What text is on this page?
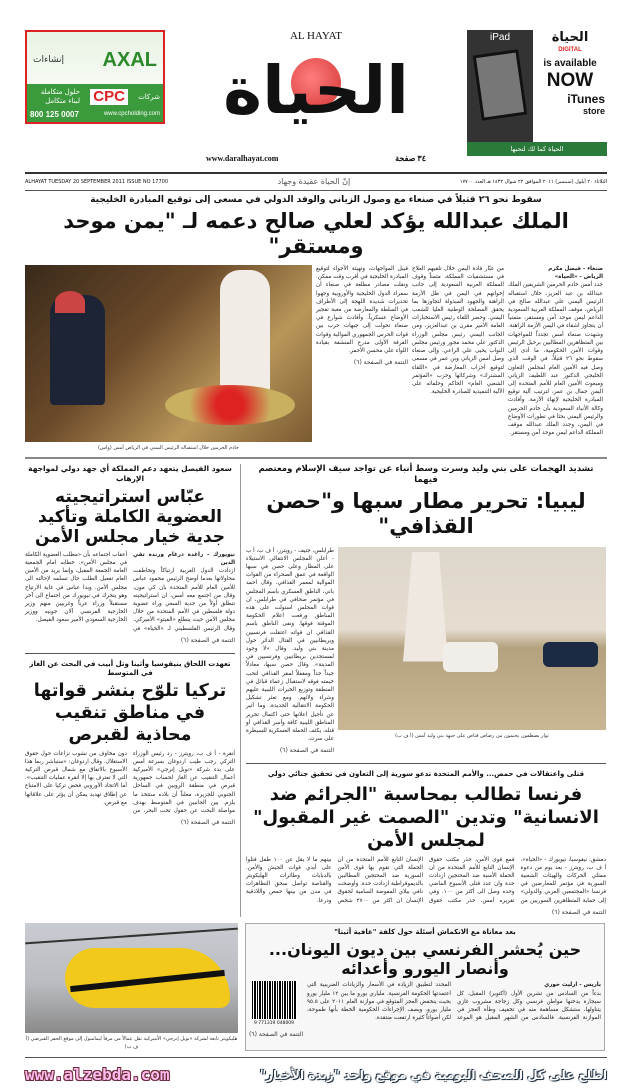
إنشاءات AXAL
حلول متكاملة لبناء متكامل CPC	شركات
800 125 0007	www.cpcholding.com
AL HAYAT
الحياة
www.daralhayat.com	٣٤ صفحة
iPad	الحياة
DIGITAL
is available
NOW
iTunes
store
الحياة كما لك لتحبها
ALHAYAT TUESDAY 20 SEPTEMBER 2011 ISSUE NO 17700	إنّ الحياة عقيدة وجهاد	الثلاثاء ٢٠ أيلول (سبتمبر) ٢٠١١ الموافق ٢٢ شوال ١٤٣٢ هـ العدد ١٧٧٠٠
سقوط نحو ٢٦ قتيلاً في صنعاء مع وصول الزياني والوفد الدولي في مسعى إلى توقيع المبادرة الخليجية
الملك عبدالله يؤكد لعلي صالح دعمه لـ "يمن موحد ومستقر"
خادم الحرمين خلال استقباله الرئيس اليمني في الرياض أمس (واس)
قبيل المواجهات، وتهيئة الأجواء لتوقيع المبادرة الخليجية في أقرب وقت ممكن. ونقلت مصادر مطلعة في صنعاء أن سفراء الدول الخليجية والأوروبية وجهوا تحذيرات شديدة اللهجة إلى الأطراف في السلطة والمعارضة من مغبة تفجير الأوضاع عسكرياً. وأفادت شوارع في صنعاء تحولت إلى جبهات حرب بين قوات الحرس الجمهوري الموالية وقوات الفرقة الأولى مدرع المنشقة بقيادة اللواء علي محسن الأحمر.
التتمة في الصفحة (٦)
من عبّار قادة اليمن خلال تلقيهم العلاج في مستشفيات المملكة، مثمناً وقوف المملكة العربية السعودية إلى جانب إخوانهم في اليمن في ظل الأزمة الراهنة والجهود المبذولة لتجاوزها بما يحقق المصلحة الوطنية العليا للشعب اليمني. وحضر اللقاء رئيس الاستخبارات العامة الأمير مقرن بن عبدالعزيز، ومن الجانب اليمني رئيس مجلس الوزراء الدكتور علي محمد مجور ورئيس مجلس النواب يحيى علي الراعي. وإلى صنعاء وصل أمس الزياني وبن عمر في مسعى لتوقيع أحزاب المعارضة في «اللقاء المشترك» وشركائها وحزب «المؤتمر الشعبي العام» الحاكم وحلفائه على الآلية التنفيذية للمبادرة الخليجية.
صنعاء - فيصل مكرم
الرياض - «الحياة»
جدد أمس خادم الحرمين الشريفين الملك عبدالله بن عبد العزيز، خلال استقباله الرئيس اليمني علي عبدالله صالح في الرياض، موقف المملكة العربية السعودية الداعم ليمن موحد آمن ومستقر، متمنياً أن يتجاوز اشقاء في اليمن الأزمة الراهنة. وشهدت صنعاء أمس تجدداً للمواجهات بين المتظاهرين المطالبين برحيل الرئيس وقوات الأمن الحكومية، ما أدى إلى سقوط نحو ٢٦ قتيلاً، في الوقت الذي وصل فيه الأمين العام لمجلس التعاون الخليجي الدكتور عبد اللطيف الزياني ومبعوث الأمين العام للأمم المتحدة إلى اليمن جمال بن عمر، لترتيب آلية توقيع المبادرة الخليجية لإنهاء الأزمة. وأفادت وكالة الأنباء السعودية بأن خادم الحرمين والرئيس اليمني بحثا في تطورات الأوضاع في اليمن، وجدد الملك عبدالله موقف المملكة الداعم ليمن موحد آمن ومستقر.
سعود الفيصل يتعهد دعم المملكة أي جهد دولي لمواجهة الإرهاب
عبّاس استراتيجيته العضوية الكاملة وتأكيد جدية خيار مجلس الأمن
نيويورك - راغدة درغام ورندة تقي الدين
ازدادت الدول الغربية ارتباكاً وتخاطفت محاولاتها بعدما أوضح الرئيس محمود عباس للأمين العام للأمم المتحدة بان كي مون، وقال من اجتمع معه أمس، ان استراتيجيته تنطلق أولاً من جدية السعي وراء عضوية دولة فلسطين في الأمم المتحدة من خلال مجلس الأمن حيث يتطلع «الفيتو» الأميركي. وقال الرئيس الفلسطيني لـ «الحياة» في أعقاب اجتماعه بأن «مطلب العضوية الكاملة في مجلس الأمن». خطابه امام الجمعية العامة الجمعة المقبل، وإنما يريد من الأمين العام تفعيل الطلب حال تسلمه لإحالته الى مجلس الأمن. وبدا عباس في غاية الارتياح وهو يتحرك في نيويورك من اجتماع الى آخر مستقبلاً وزراء عرباً وغربيين منهم وزير الخارجية الفرنسي آلان جوبيه ووزير الخارجية السعودي الأمير سعود الفيصل.
التتمة في الصفحة (٦)
تعهدت اللحاق بنيقوسيا وأثينا وتل أبيب في البحث عن الغاز في المتوسط
تركيا تلوّح بنشر قواتها في مناطق تنقيب محاذية لقبرص
أنقرة - أ ف ب، رويترز - رد رئيس الوزراء التركي رجب طيب اردوغان بسرعة أمس على بدء شركة «نوبل إنرجي» الأميركية أعمال التنقيب عن الغاز لحساب جمهورية قبرص في منطقة الروبين في الساحل الجنوبي للجزيرة، معلناً أن بلاده ستتخذ ما يلزم. بين الجانبين في المتوسط بهدف مواصلة البحث عن حقول تحت البحر، من دون مخاوف من نشوب نزاعات حول حقوق الاستغلال. وقال اردوغان: «سنباشر ربما هذا الأسبوع بالاتفاق مع شمال قبرص التركية التي لا تعترف بها إلا أنقرة عمليات التنقيب». أما الاتحاد الأوروبي فحض تركيا على الامتناع عن إطلاق تهديد يمكن أن يؤثر على علاقاتها مع قبرص.
التتمة في الصفحة (٦)
تشديد الهجمات على بني وليد وسرت وسط أنباء عن تواجد سيف الإسلام ومعتصم فيهما
ليبيا: تحرير مطار سبها و"حصن القذافي"
طرابلس، جنيف - رويترز، أ ف ب، أ ب - أعلن المجلس الانتقالي الاستيلاء على المطار وعلى حصن في سبها الواقعة في عمق الصحراء من القوات الموالية لمعمر القذافي. وقال احمد باني، الناطق العسكري باسم المجلس في مؤتمر صحافي في طرابلس، ان قوات المجلس استولت على هذه المناطق ورفعت اعلام الحكومة الموقتة فوقها. ونفى الناطق باسم القذافي ان قواته اعتقلت فرنسيين وبريطانيين في القتال الدائر حول مدينة بني وليد. وقال «لا وجود لمستجدين بريطانيين وفرنسيين في المدينة». وقال حصن سبها، معادلاً جيداً جداً ومقفلاً لمقر القذافي لتحب خيمته فوقه لاستقبال زعماء قبائل في المنطقة وتوزيع الخيرات الليبية عليهم وشراء ولائهم. ومع تعثر تشكيل الحكومة الانتقالية الجديدة، وما أثير عن تأجيل اعلانها حتى اكتمال تحرير المناطق الليبية كافة وأسر القذافي أو قتله، يكثف الحملة العسكرية للسيطرة على سرت.
التتمة في الصفحة (٦)
ثوار يصطفون يحتمون من رصاص قناص على جبهة بني وليد أمس (أ ف ب)
قتلى واعتقالات في حمص... والأمم المتحدة تدعو سورية إلى التعاون في تحقيق جنائي دولي
فرنسا تطالب بمحاسبة "الجرائم ضد الانسانية" وتدين "الصمت غير المقبول" لمجلس الأمن
دمشق، نيقوسيا، نيويورك - «الحياة»، أ ف ب، رويترز - بعد يوم من دعوة ممثلي الحركات والهيئات الشعبية السورية في مؤتمر للمعارضين في فرنسا «المجتمعين العربي والدولي» إلى حماية المتظاهرين السوريين من قمع قوى الأمن، حذر مكتب حقوق الإنسان التابع للأمم المتحدة من ان الحملة الأمنية ضد المحتجين ازدادت حدة وان عدد قتلى الأسبوع الماضي وحده وصل الى أكثر من ١٠٠. وفي تقريره أمس، حذر مكتب حقوق الإنسان التابع للأمم المتحدة من ان الحملة التي تقوم بها قوى الأمن السورية ضد المحتجين المطالبين بالديموقراطية ازدادت حدة. وأوضحت نافي بيلاي المفوضة السامية لحقوق الإنسان ان اكثر من ٢٧٠٠ شخص بينهم ما لا يقل عن ١٠٠ طفل قتلوا على أيدي قوات الجيش والأمن. بالدبابات وطائرات الهليكوبتر والقناصة تواصل سحق التظاهرات في مدن من بينها حمص واللاذقية ودرعا.
التتمة في الصفحة (٦)
هليكوبتر تابعة لشركة «نوبل إنرجي» الأميركية تقل عمالاً من مرفأ ليماسول إلى موقع الحفر القبرصي (أ ف ب)
بعد معاناة مع الانكماش أسئلة حول كلفة "عافية أثينا"
حين يُحشر الفرنسي بين ديون اليونان... وأنصار اليورو وأعدائه
9 771319 048009
باريس - ارليت خوري
بدءاً من السادس من تشرين الأول (أكتوبر) المقبل، كل سيجارة يدخنها مواطن فرنسي وكل زجاجة مشروب غازي يتناولها، ستشكل مساهمة منه في تخفيف وطأة العجز في الموازنة الفرنسية. فالسادس من الشهر المقبل هو الموعد المحدد لتطبيق الزيادة في الأسعار والزيادات الضريبية التي اعتمدتها الحكومة الفرنسية. ملياري يورو ما بين ١٢ مليار يورو بحيث ينخفض العجز المتوقع في موازنة العام ٢٠١١ على ٩٥.٥ مليار يورو. ويصف الإجراءات الحكومية الخطة بأنها طموحة، لكن أصواتاً كثيرة ارتفعت منتقدة.
التتمة في الصفحة (٦)
www.alzebda.com	اطلع على كل الصحف اليومية في موقع واحد "زبدة الأخبار"
